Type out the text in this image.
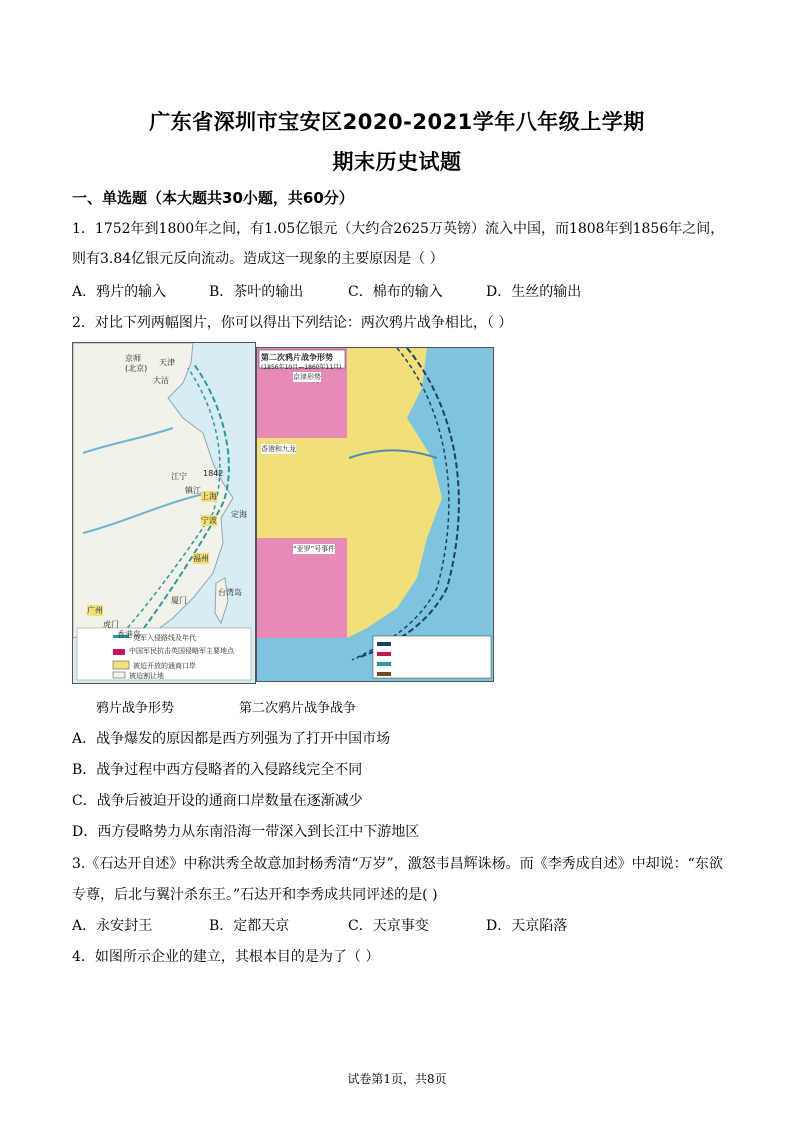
广东省深圳市宝安区2020-2021学年八年级上学期
期末历史试题
一、单选题（本大题共30小题，共60分）
1．1752年到1800年之间，有1.05亿银元（大约合2625万英镑）流入中国，而1808年到1856年之间，
则有3.84亿银元反向流动。造成这一现象的主要原因是（ ）
A．鸦片的输入	B．茶叶的输出	C．棉布的输入	D．生丝的输出
2．对比下列两幅图片，你可以得出下列结论：两次鸦片战争相比，（ ）
京师
(北京)
天津
大沽
江宁
镇江
上海
宁波
定海
福州
厦门
台湾岛
广州
虎门
香港岛
1842
英军入侵路线及年代
中国军民抗击英国侵略军主要地点
被迫开放的通商口岸
被迫割让地
第二次鸦片战争形势
(1856年10月—1860年11月)
京津形势
香港和九龙
“亚罗”号事件
鸦片战争形势	第二次鸦片战争战争
A．战争爆发的原因都是西方列强为了打开中国市场
B．战争过程中西方侵略者的入侵路线完全不同
C．战争后被迫开设的通商口岸数量在逐渐减少
D．西方侵略势力从东南沿海一带深入到长江中下游地区
3.《石达开自述》中称洪秀全故意加封杨秀清“万岁”，激怒韦昌辉诛杨。而《李秀成自述》中却说：“东欲
专尊，后北与翼汁杀东王。”石达开和李秀成共同评述的是( )
A．永安封王	B．定都天京	C．天京事变	D．天京陷落
4．如图所示企业的建立，其根本目的是为了（ ）
试卷第1页，共8页
